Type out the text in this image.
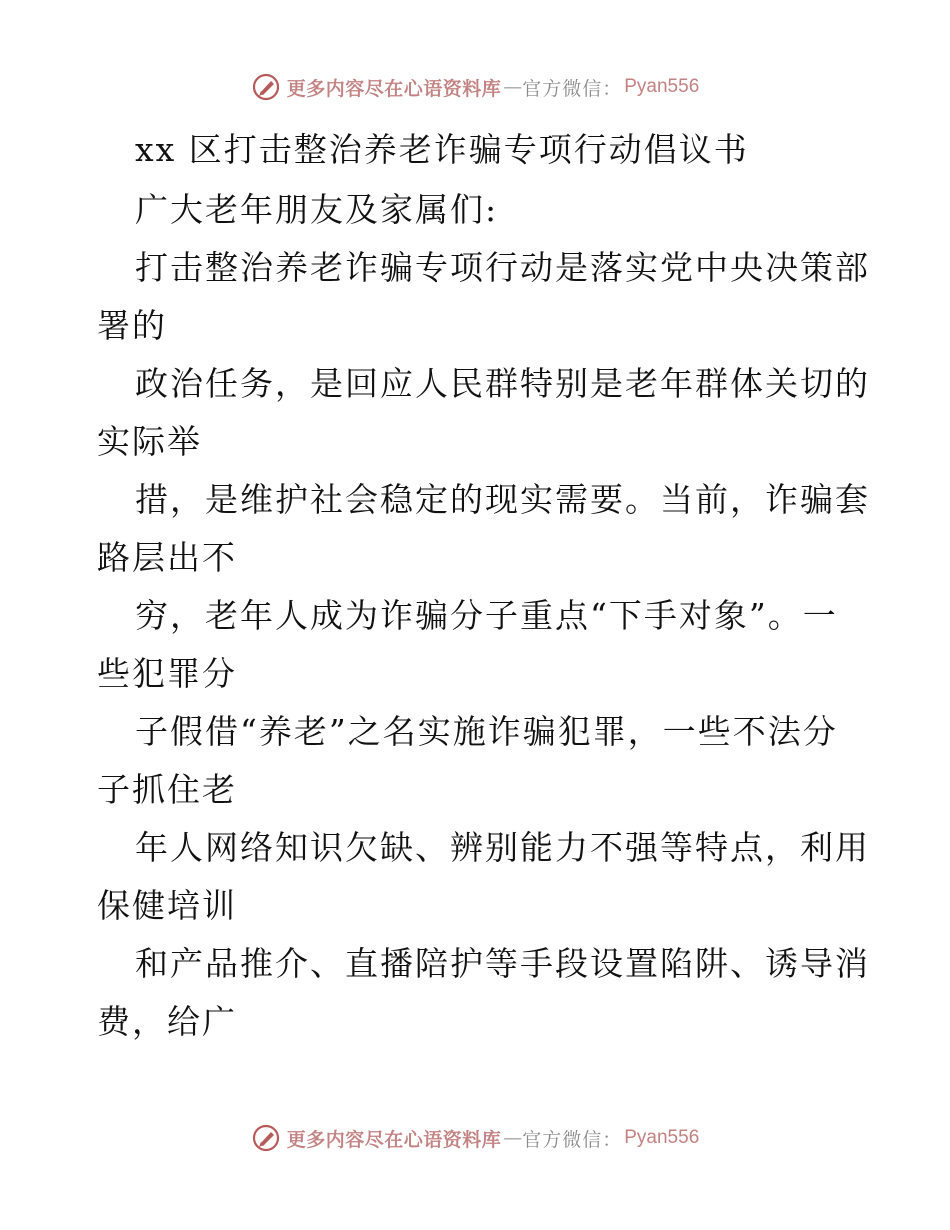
更多内容尽在心语资料库 — 官方微信： Pyan556
xx 区打击整治养老诈骗专项行动倡议书
广大老年朋友及家属们:
打击整治养老诈骗专项行动是落实党中央决策部
署的
政治任务，是回应人民群特别是老年群体关切的
实际举
措，是维护社会稳定的现实需要。当前，诈骗套
路层出不
穷，老年人成为诈骗分子重点“下手对象”。一
些犯罪分
子假借“养老”之名实施诈骗犯罪，一些不法分
子抓住老
年人网络知识欠缺、辨别能力不强等特点，利用
保健培训
和产品推介、直播陪护等手段设置陷阱、诱导消
费，给广
更多内容尽在心语资料库 — 官方微信： Pyan556
